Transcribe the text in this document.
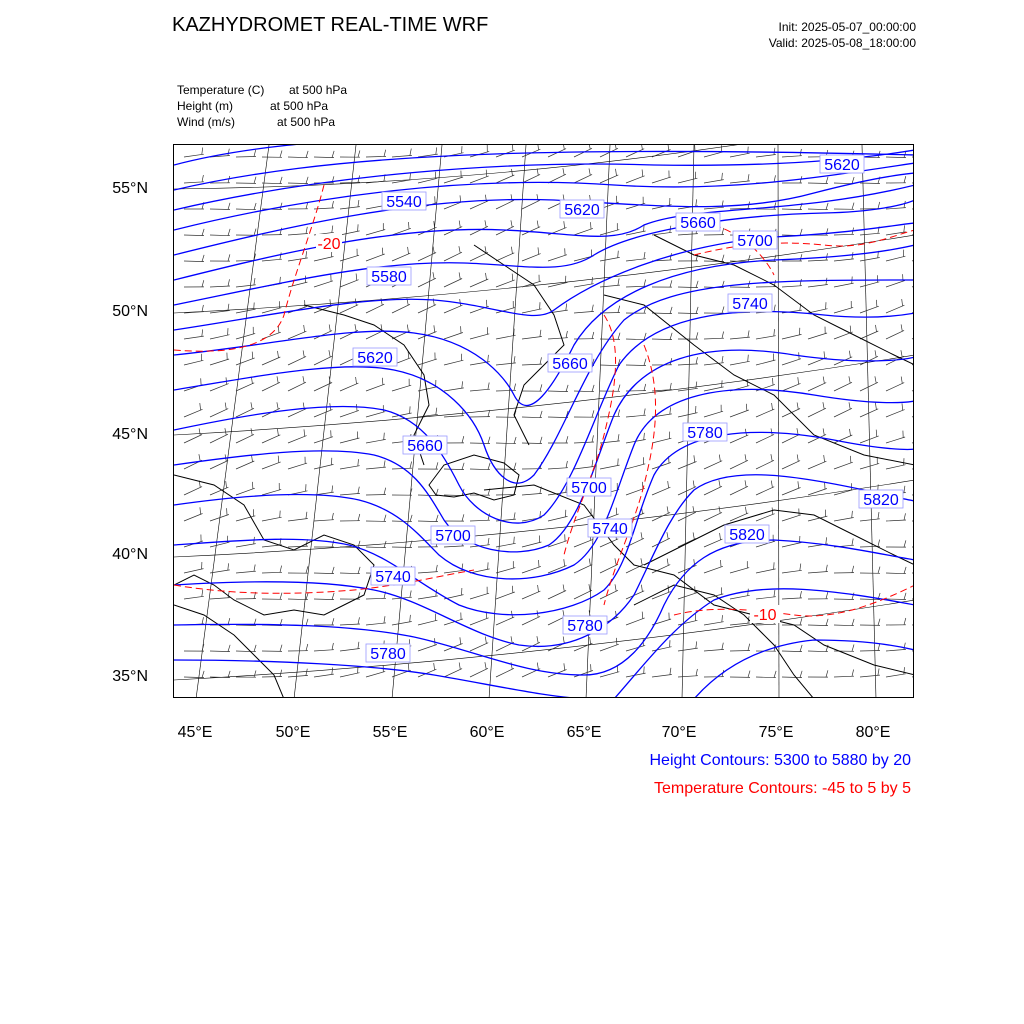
KAZHYDROMET REAL-TIME WRF	Init: 2025-05-07_00:00:00
Valid: 2025-05-08_18:00:00
Temperature (C) at 500 hPa
Height (m)	at 500 hPa
Wind (m/s)	at 500 hPa
55°N
50°N
45°N
40°N
35°N
45°E	50°E	55°E	60°E	65°E	70°E	75°E	80°E
5620
5540	5620
5660
5700
5580
5740
5620	5660
5660
5780
5700
5820
5740
5700	5820
5740
5780
5780
-20
-10
Height Contours: 5300 to 5880 by 20
Temperature Contours: -45 to 5 by 5
